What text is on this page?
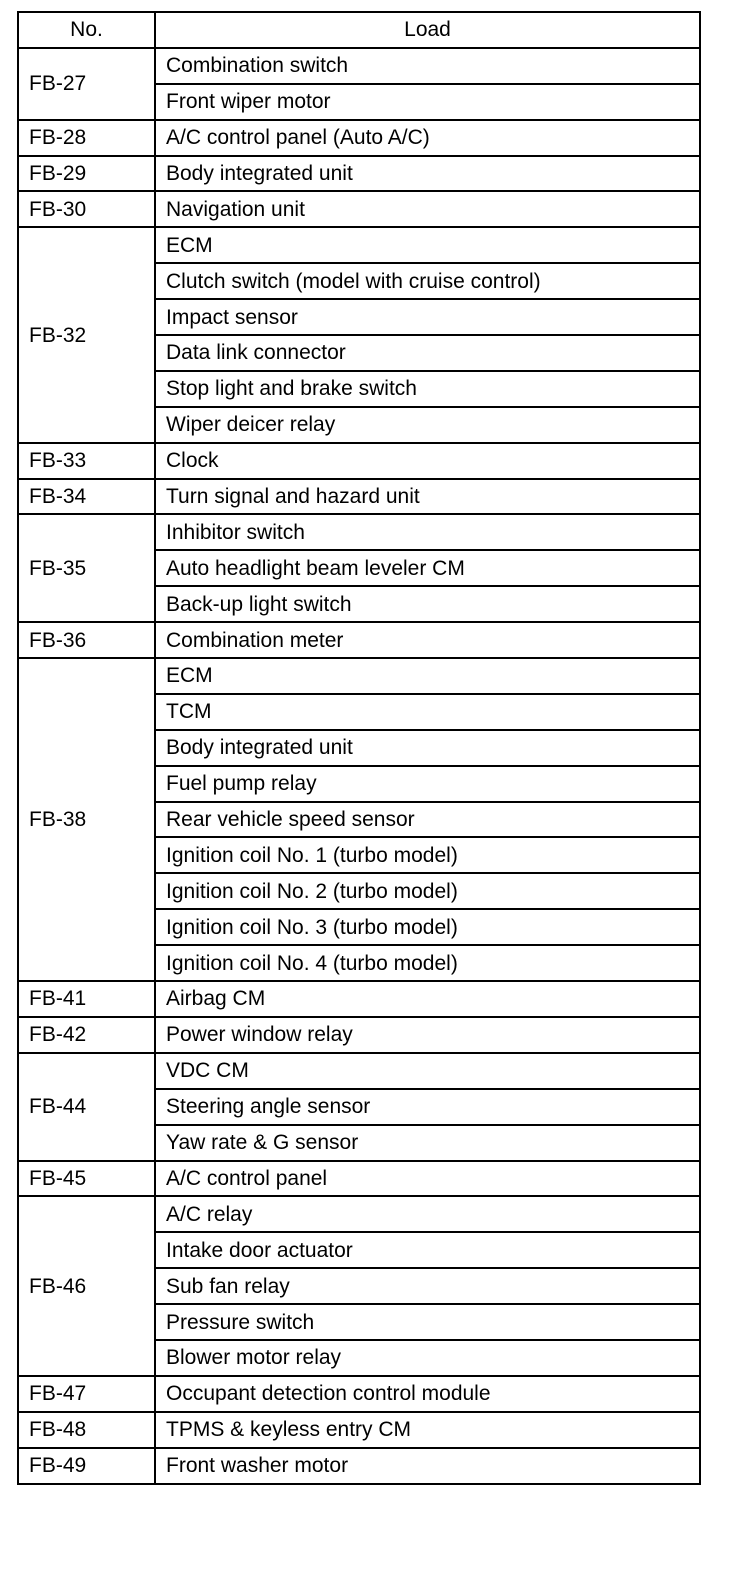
No.	Load
FB-27	Combination switch
	Front wiper motor
FB-28	A/C control panel (Auto A/C)
FB-29	Body integrated unit
FB-30	Navigation unit
FB-32	ECM
	Clutch switch (model with cruise control)
	Impact sensor
	Data link connector
	Stop light and brake switch
	Wiper deicer relay
FB-33	Clock
FB-34	Turn signal and hazard unit
FB-35	Inhibitor switch
	Auto headlight beam leveler CM
	Back-up light switch
FB-36	Combination meter
FB-38	ECM
	TCM
	Body integrated unit
	Fuel pump relay
	Rear vehicle speed sensor
	Ignition coil No. 1 (turbo model)
	Ignition coil No. 2 (turbo model)
	Ignition coil No. 3 (turbo model)
	Ignition coil No. 4 (turbo model)
FB-41	Airbag CM
FB-42	Power window relay
FB-44	VDC CM
	Steering angle sensor
	Yaw rate & G sensor
FB-45	A/C control panel
FB-46	A/C relay
	Intake door actuator
	Sub fan relay
	Pressure switch
	Blower motor relay
FB-47	Occupant detection control module
FB-48	TPMS & keyless entry CM
FB-49	Front washer motor
